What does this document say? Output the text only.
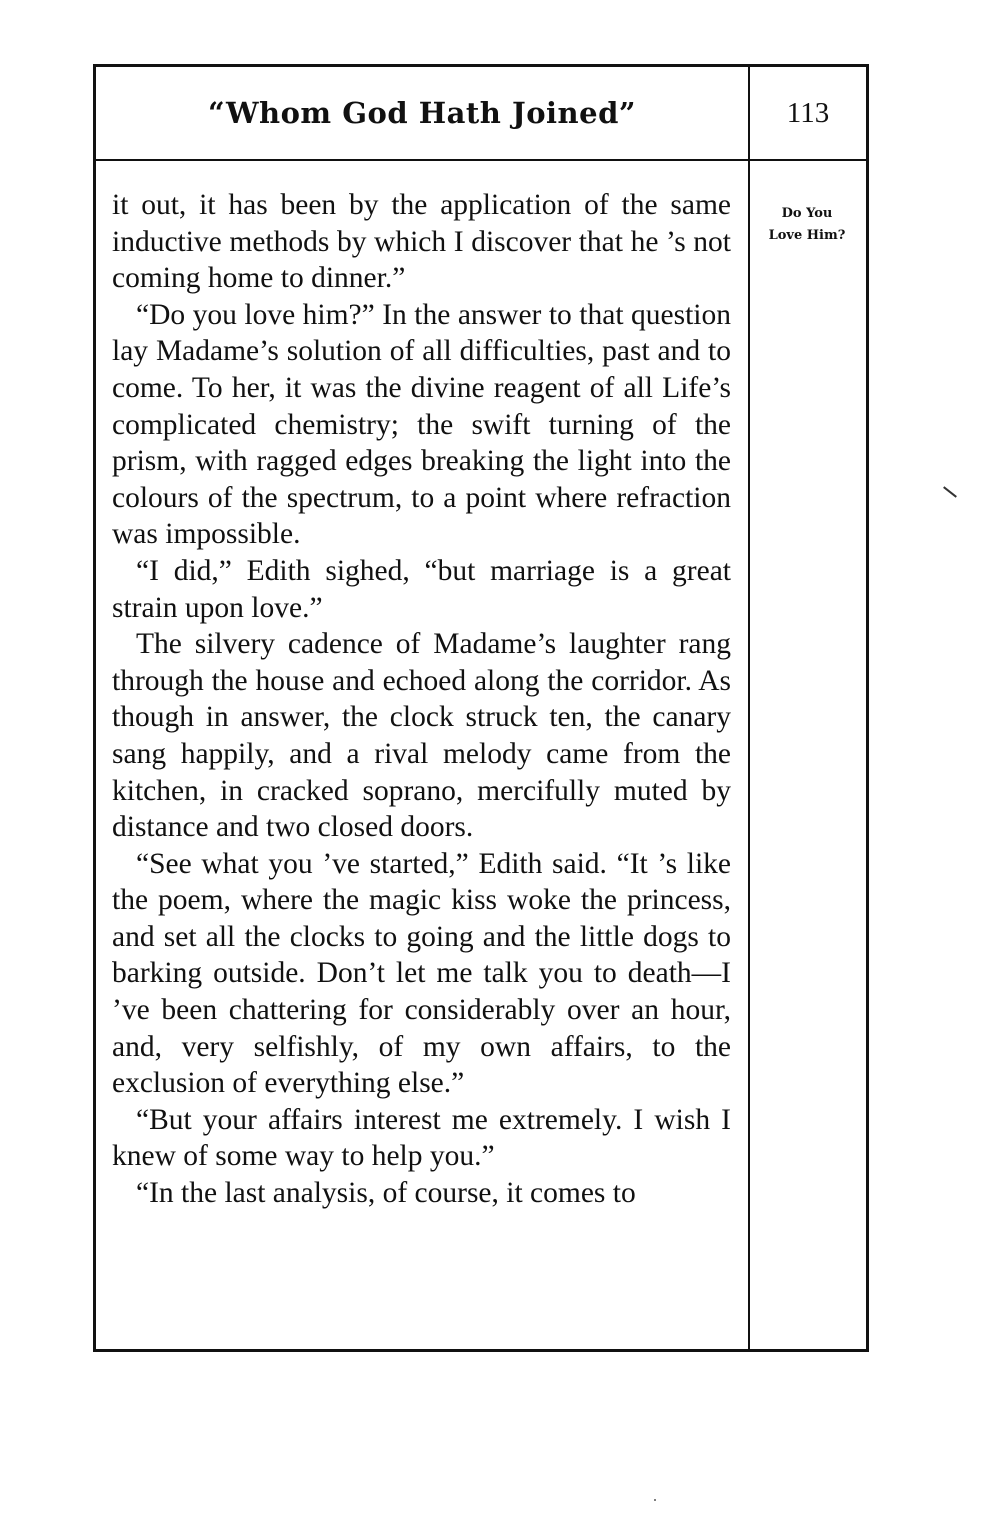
“Whom God Hath Joined”	113

it out, it has been by the application of the same inductive methods by which I discover that he ’s not coming home to dinner.”

“Do you love him?” In the answer to that question lay Madame’s solution of all difficulties, past and to come. To her, it was the divine reagent of all Life’s complicated chemistry; the swift turning of the prism, with ragged edges breaking the light into the colours of the spectrum, to a point where refraction was impossible.

“I did,” Edith sighed, “but marriage is a great strain upon love.”

The silvery cadence of Madame’s laughter rang through the house and echoed along the corridor. As though in answer, the clock struck ten, the canary sang happily, and a rival melody came from the kitchen, in cracked soprano, mercifully muted by distance and two closed doors.

“See what you ’ve started,” Edith said. “It ’s like the poem, where the magic kiss woke the princess, and set all the clocks to going and the little dogs to barking outside. Don’t let me talk you to death—I ’ve been chattering for considerably over an hour, and, very selfishly, of my own affairs, to the exclusion of everything else.”

“But your affairs interest me extremely. I wish I knew of some way to help you.”

“In the last analysis, of course, it comes to

Do You
Love Him?
